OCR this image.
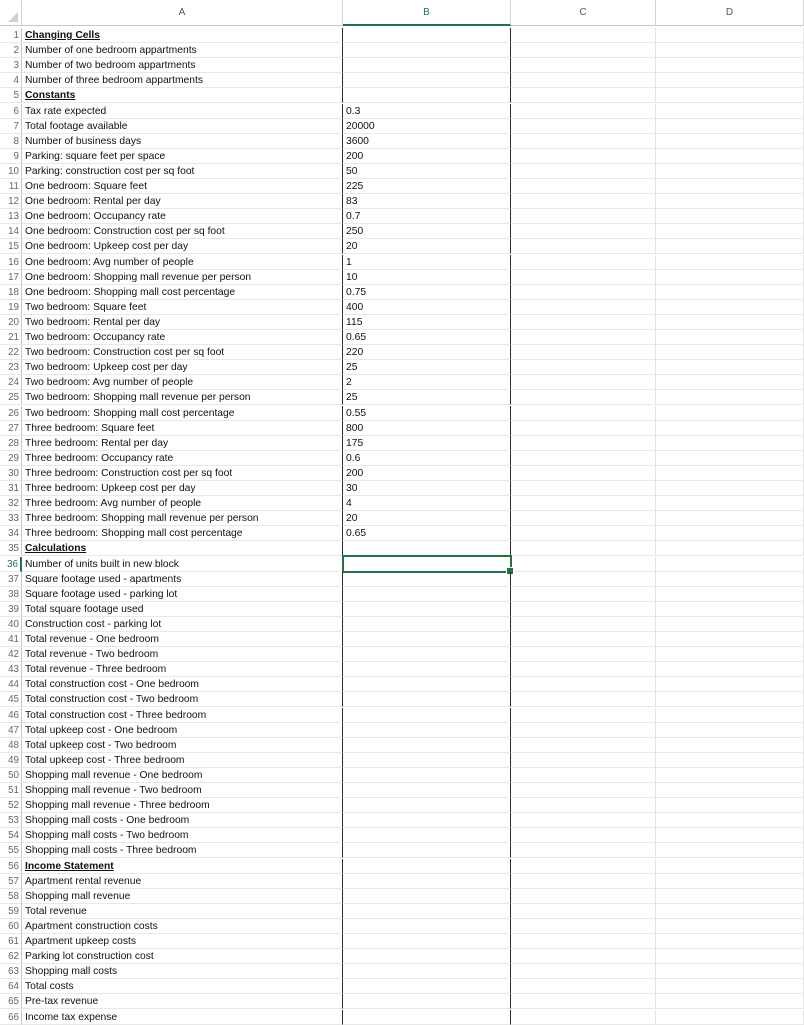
A	B	C	D
1 Changing Cells
2 Number of one bedroom appartments
3 Number of two bedroom appartments
4 Number of three bedroom appartments
5 Constants
6 Tax rate expected	0.3
7 Total footage available	20000
8 Number of business days	3600
9 Parking: square feet per space	200
10 Parking: construction cost per sq foot	50
11 One bedroom: Square feet	225
12 One bedroom: Rental per day	83
13 One bedroom: Occupancy rate	0.7
14 One bedroom: Construction cost per sq foot	250
15 One bedroom: Upkeep cost per day	20
16 One bedroom: Avg number of people	1
17 One bedroom: Shopping mall revenue per person	10
18 One bedroom: Shopping mall cost percentage	0.75
19 Two bedroom: Square feet	400
20 Two bedroom: Rental per day	115
21 Two bedroom: Occupancy rate	0.65
22 Two bedroom: Construction cost per sq foot	220
23 Two bedroom: Upkeep cost per day	25
24 Two bedroom: Avg number of people	2
25 Two bedroom: Shopping mall revenue per person	25
26 Two bedroom: Shopping mall cost percentage	0.55
27 Three bedroom: Square feet	800
28 Three bedroom: Rental per day	175
29 Three bedroom: Occupancy rate	0.6
30 Three bedroom: Construction cost per sq foot	200
31 Three bedroom: Upkeep cost per day	30
32 Three bedroom: Avg number of people	4
33 Three bedroom: Shopping mall revenue per person	20
34 Three bedroom: Shopping mall cost percentage	0.65
35 Calculations
36 Number of units built in new block
37 Square footage used - apartments
38 Square footage used - parking lot
39 Total square footage used
40 Construction cost - parking lot
41 Total revenue - One bedroom
42 Total revenue - Two bedroom
43 Total revenue - Three bedroom
44 Total construction cost - One bedroom
45 Total construction cost - Two bedroom
46 Total construction cost - Three bedroom
47 Total upkeep cost - One bedroom
48 Total upkeep cost - Two bedroom
49 Total upkeep cost - Three bedroom
50 Shopping mall revenue - One bedroom
51 Shopping mall revenue - Two bedroom
52 Shopping mall revenue - Three bedroom
53 Shopping mall costs - One bedroom
54 Shopping mall costs - Two bedroom
55 Shopping mall costs - Three bedroom
56 Income Statement
57 Apartment rental revenue
58 Shopping mall revenue
59 Total revenue
60 Apartment construction costs
61 Apartment upkeep costs
62 Parking lot construction cost
63 Shopping mall costs
64 Total costs
65 Pre-tax revenue
66 Income tax expense
